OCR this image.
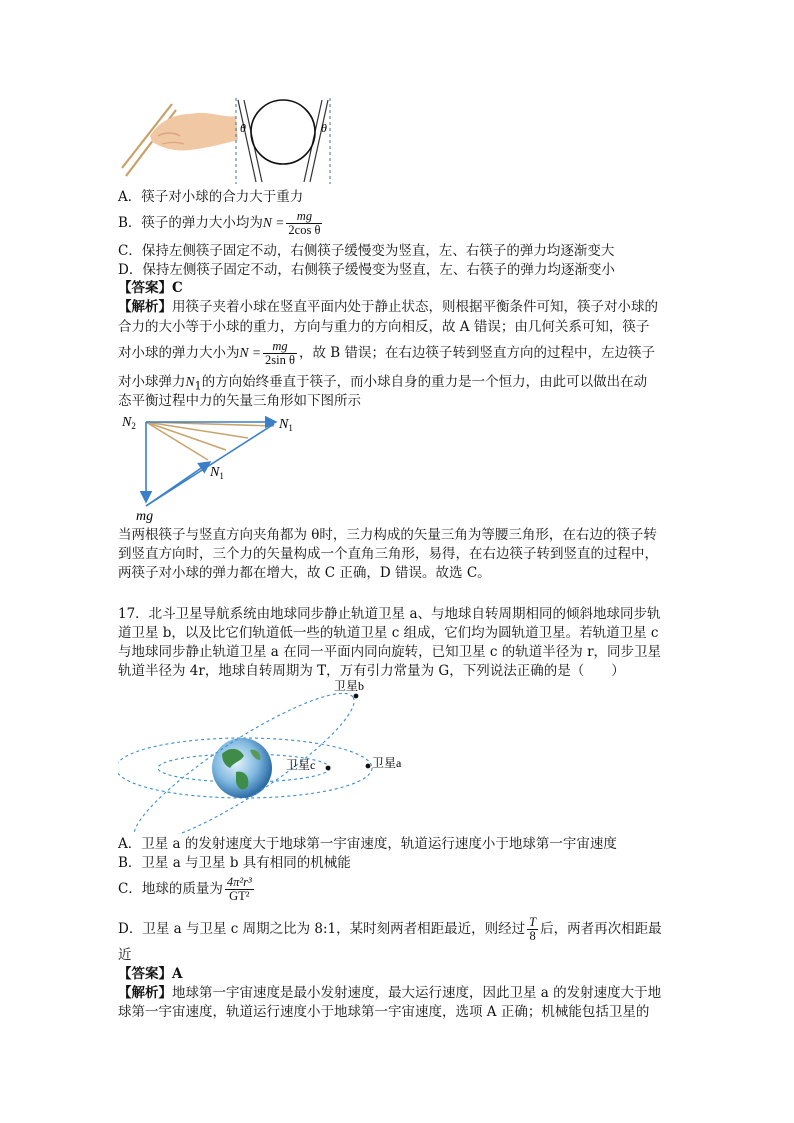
θ	θ
A．筷子对小球的合力大于重力
B．筷子的弹力大小均为$N = \frac{mg}{\text{2cos θ}}$
C．保持左侧筷子固定不动，右侧筷子缓慢变为竖直，左、右筷子的弹力均逐渐变大
D．保持左侧筷子固定不动，右侧筷子缓慢变为竖直，左、右筷子的弹力均逐渐变小
【答案】C
【解析】用筷子夹着小球在竖直平面内处于静止状态，则根据平衡条件可知，筷子对小球的
合力的大小等于小球的重力，方向与重力的方向相反，故 A 错误；由几何关系可知，筷子
对小球的弹力大小为$N = \frac{mg}{\text{2sin θ}}$ ，故 B 错误；在右边筷子转到竖直方向的过程中，左边筷子
对小球弹力$N_1$的方向始终垂直于筷子，而小球自身的重力是一个恒力，由此可以做出在动
态平衡过程中力的矢量三角形如下图所示
$N_2$	$N_1$
$N_1$
mg
当两根筷子与竖直方向夹角都为 θ时，三力构成的矢量三角为等腰三角形，在右边的筷子转
到竖直方向时，三个力的矢量构成一个直角三角形，易得，在右边筷子转到竖直的过程中，
两筷子对小球的弹力都在增大，故 C 正确，D 错误。故选 C。
17．北斗卫星导航系统由地球同步静止轨道卫星 a、与地球自转周期相同的倾斜地球同步轨
道卫星 b，以及比它们轨道低一些的轨道卫星 c 组成，它们均为圆轨道卫星。若轨道卫星 c
与地球同步静止轨道卫星 a 在同一平面内同向旋转，已知卫星 c 的轨道半径为 r，同步卫星
轨道半径为 4r，地球自转周期为 T，万有引力常量为 G，下列说法正确的是（　　）
卫星b
卫星a
卫星c
A．卫星 a 的发射速度大于地球第一宇宙速度，轨道运行速度小于地球第一宇宙速度
B．卫星 a 与卫星 b 具有相同的机械能
C．地球的质量为 $\frac{\text{4π²r³}}{\text{GT²}}$
D．卫星 a 与卫星 c 周期之比为 8:1，某时刻两者相距最近，则经过 $\frac{T}{8}$ 后，两者再次相距最
近
【答案】A
【解析】地球第一宇宙速度是最小发射速度，最大运行速度，因此卫星 a 的发射速度大于地
球第一宇宙速度，轨道运行速度小于地球第一宇宙速度，选项 A 正确；机械能包括卫星的
